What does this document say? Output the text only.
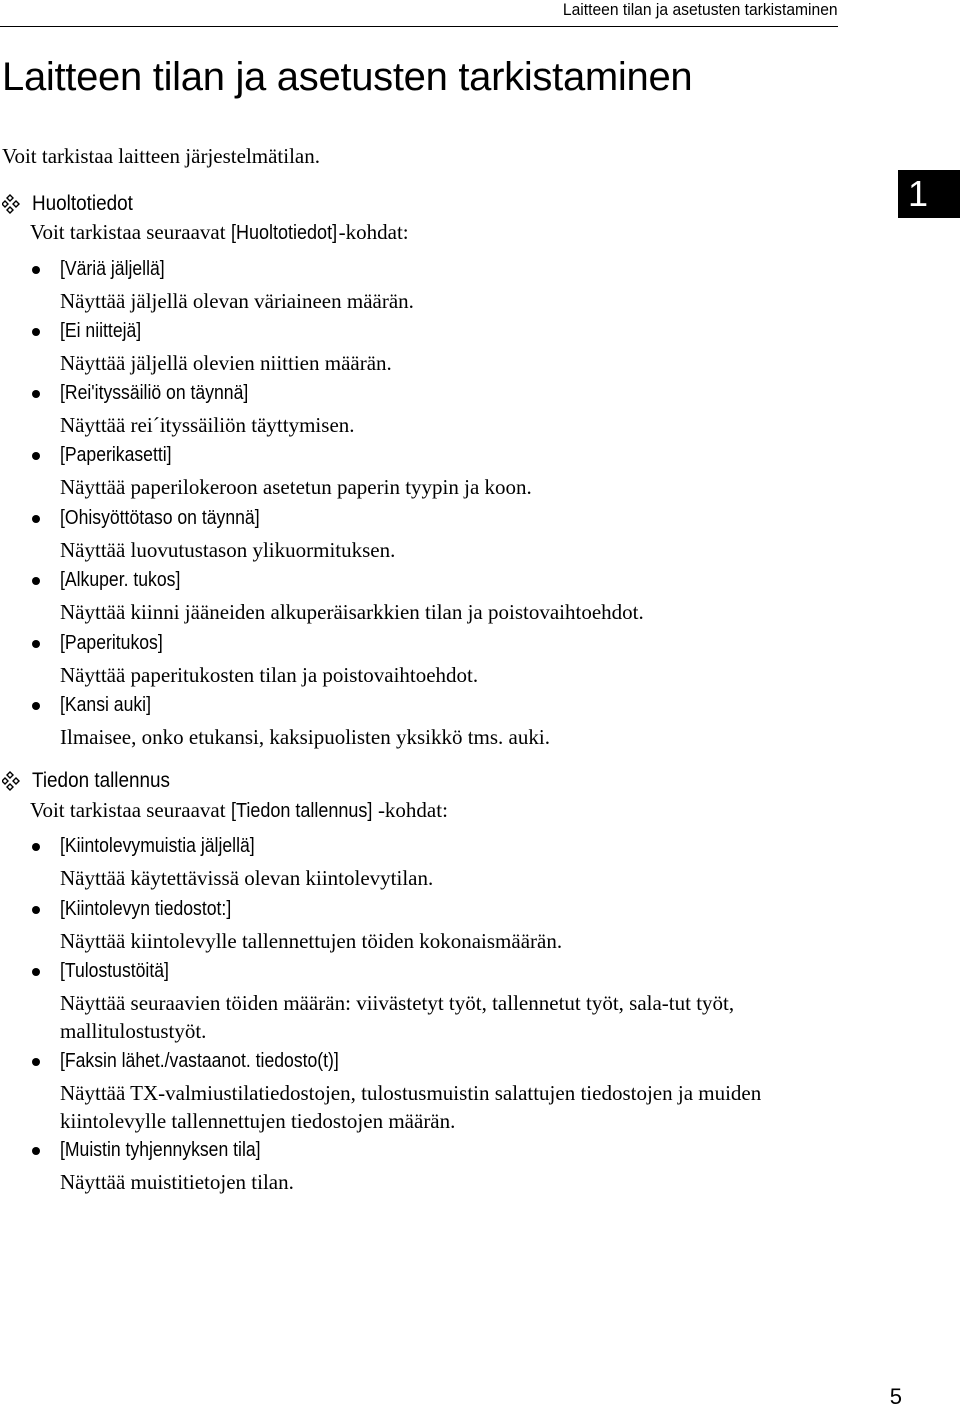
Laitteen tilan ja asetusten tarkistaminen
Laitteen tilan ja asetusten tarkistaminen
Voit tarkistaa laitteen järjestelmätilan.
1
Huoltotiedot
Voit tarkistaa seuraavat [Huoltotiedot]-kohdat:
[Väriä jäljellä]
Näyttää jäljellä olevan väriaineen määrän.
[Ei niittejä]
Näyttää jäljellä olevien niittien määrän.
[Rei'ityssäiliö on täynnä]
Näyttää rei´ityssäiliön täyttymisen.
[Paperikasetti]
Näyttää paperilokeroon asetetun paperin tyypin ja koon.
[Ohisyöttötaso on täynnä]
Näyttää luovutustason ylikuormituksen.
[Alkuper. tukos]
Näyttää kiinni jääneiden alkuperäisarkkien tilan ja poistovaihtoehdot.
[Paperitukos]
Näyttää paperitukosten tilan ja poistovaihtoehdot.
[Kansi auki]
Ilmaisee, onko etukansi, kaksipuolisten yksikkö tms. auki.
Tiedon tallennus
Voit tarkistaa seuraavat [Tiedon tallennus] -kohdat:
[Kiintolevymuistia jäljellä]
Näyttää käytettävissä olevan kiintolevytilan.
[Kiintolevyn tiedostot:]
Näyttää kiintolevylle tallennettujen töiden kokonaismäärän.
[Tulostustöitä]
Näyttää seuraavien töiden määrän: viivästetyt työt, tallennetut työt, sala-tut työt, mallitulostustyöt.
[Faksin lähet./vastaanot. tiedosto(t)]
Näyttää TX-valmiustilatiedostojen, tulostusmuistin salattujen tiedostojen ja muiden kiintolevylle tallennettujen tiedostojen määrän.
[Muistin tyhjennyksen tila]
Näyttää muistitietojen tilan.
5
